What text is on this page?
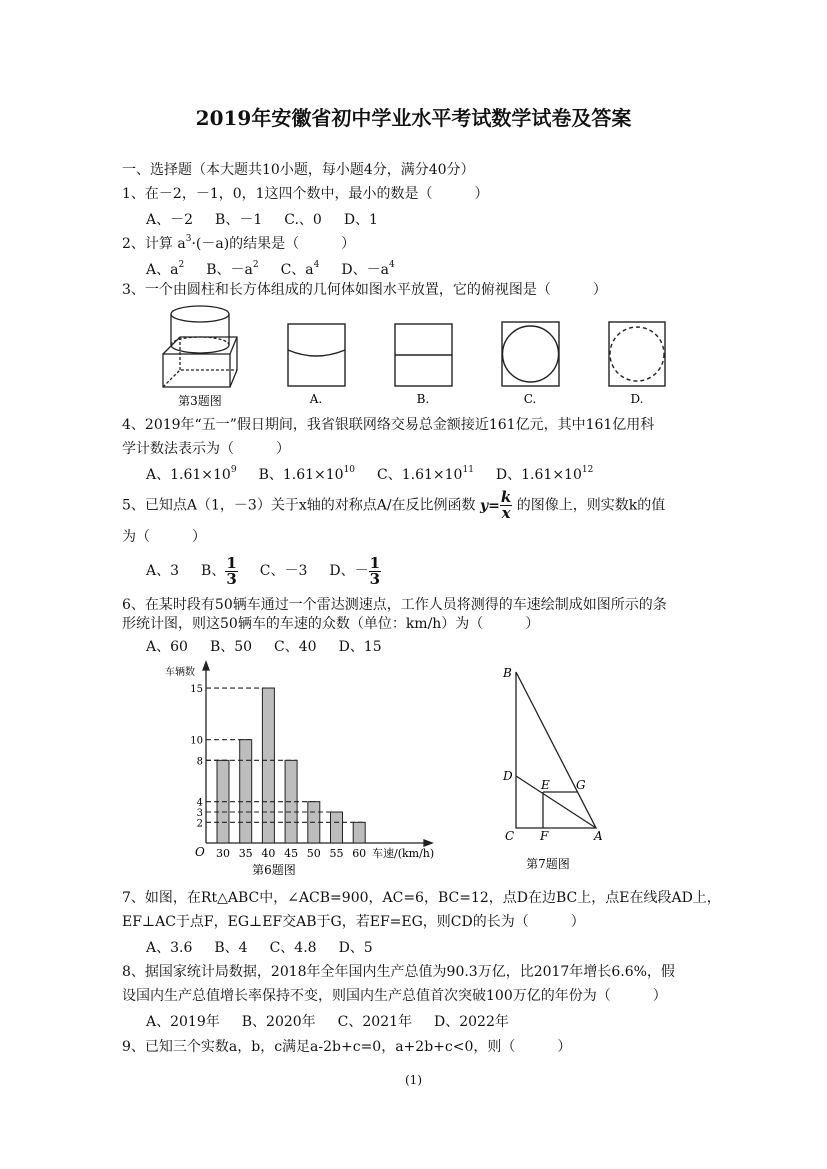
2019年安徽省初中学业水平考试数学试卷及答案
一、选择题（本大题共10小题，每小题4分，满分40分）
1、在－2，－1，0，1这四个数中，最小的数是（　　　）
A、－2 B、－1 C.、0 D、1
2、计算 $a^3\cdot(-a)$的结果是（　　　）
A、$a^2$ B、$-a^2$ C、$a^4$ D、$-a^4$
3、一个由圆柱和长方体组成的几何体如图水平放置，它的俯视图是（　　　）
第3题图	A.	B.	C.	D.
4、2019年“五一”假日期间，我省银联网络交易总金额接近161亿元，其中161亿用科
学计数法表示为（　　　）
A、$1.61\times 10^9$ B、$1.61\times 10^{10}$ C、$1.61\times 10^{11}$ D、$1.61\times 10^{12}$
5、已知点A（1，－3）关于x轴的对称点A/在反比例函数 $y= \frac{k}{x}$ 的图像上，则实数k的值
为（　　　）
A、3 B、 $\frac{1}{3}$ C、－3 D、－ $\frac{1}{3}$
6、在某时段有50辆车通过一个雷达测速点，工作人员将测得的车速绘制成如图所示的条
形统计图，则这50辆车的车速的众数（单位：km/h）为（　　　）
A、60 B、50 C、40 D、15
30 35 40 45 50 55 60
2
3
4
8
10
15
车辆数
O	车速/(km/h)
第6题图
B
D
C F	A
E G
第7题图
7、如图，在Rt△ABC中，∠ACB=900，AC=6，BC=12，点D在边BC上，点E在线段AD上，
EF⊥AC于点F，EG⊥EF交AB于G，若EF=EG，则CD的长为（　　　）
A、3.6 B、4 C、4.8 D、5
8、据国家统计局数据，2018年全年国内生产总值为90.3万亿，比2017年增长6.6%，假
设国内生产总值增长率保持不变，则国内生产总值首次突破100万亿的年份为（　　　）
A、2019年 B、2020年 C、2021年 D、2022年
9、已知三个实数a，b，c满足a-2b+c=0，a+2b+c<0，则（　　　）
(1)
